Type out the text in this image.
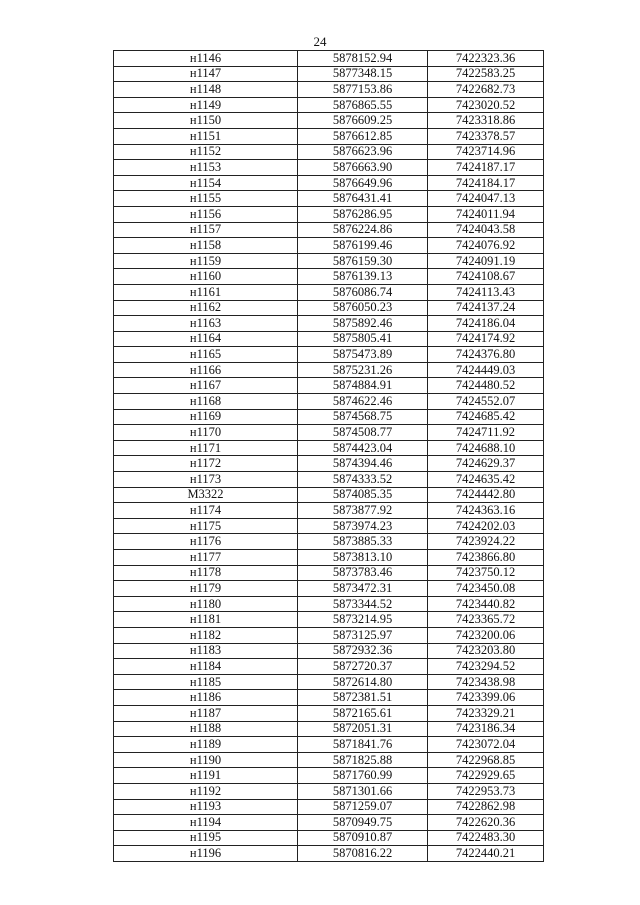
24
н1146	5878152.94	7422323.36
н1147	5877348.15	7422583.25
н1148	5877153.86	7422682.73
н1149	5876865.55	7423020.52
н1150	5876609.25	7423318.86
н1151	5876612.85	7423378.57
н1152	5876623.96	7423714.96
н1153	5876663.90	7424187.17
н1154	5876649.96	7424184.17
н1155	5876431.41	7424047.13
н1156	5876286.95	7424011.94
н1157	5876224.86	7424043.58
н1158	5876199.46	7424076.92
н1159	5876159.30	7424091.19
н1160	5876139.13	7424108.67
н1161	5876086.74	7424113.43
н1162	5876050.23	7424137.24
н1163	5875892.46	7424186.04
н1164	5875805.41	7424174.92
н1165	5875473.89	7424376.80
н1166	5875231.26	7424449.03
н1167	5874884.91	7424480.52
н1168	5874622.46	7424552.07
н1169	5874568.75	7424685.42
н1170	5874508.77	7424711.92
н1171	5874423.04	7424688.10
н1172	5874394.46	7424629.37
н1173	5874333.52	7424635.42
М3322	5874085.35	7424442.80
н1174	5873877.92	7424363.16
н1175	5873974.23	7424202.03
н1176	5873885.33	7423924.22
н1177	5873813.10	7423866.80
н1178	5873783.46	7423750.12
н1179	5873472.31	7423450.08
н1180	5873344.52	7423440.82
н1181	5873214.95	7423365.72
н1182	5873125.97	7423200.06
н1183	5872932.36	7423203.80
н1184	5872720.37	7423294.52
н1185	5872614.80	7423438.98
н1186	5872381.51	7423399.06
н1187	5872165.61	7423329.21
н1188	5872051.31	7423186.34
н1189	5871841.76	7423072.04
н1190	5871825.88	7422968.85
н1191	5871760.99	7422929.65
н1192	5871301.66	7422953.73
н1193	5871259.07	7422862.98
н1194	5870949.75	7422620.36
н1195	5870910.87	7422483.30
н1196	5870816.22	7422440.21
